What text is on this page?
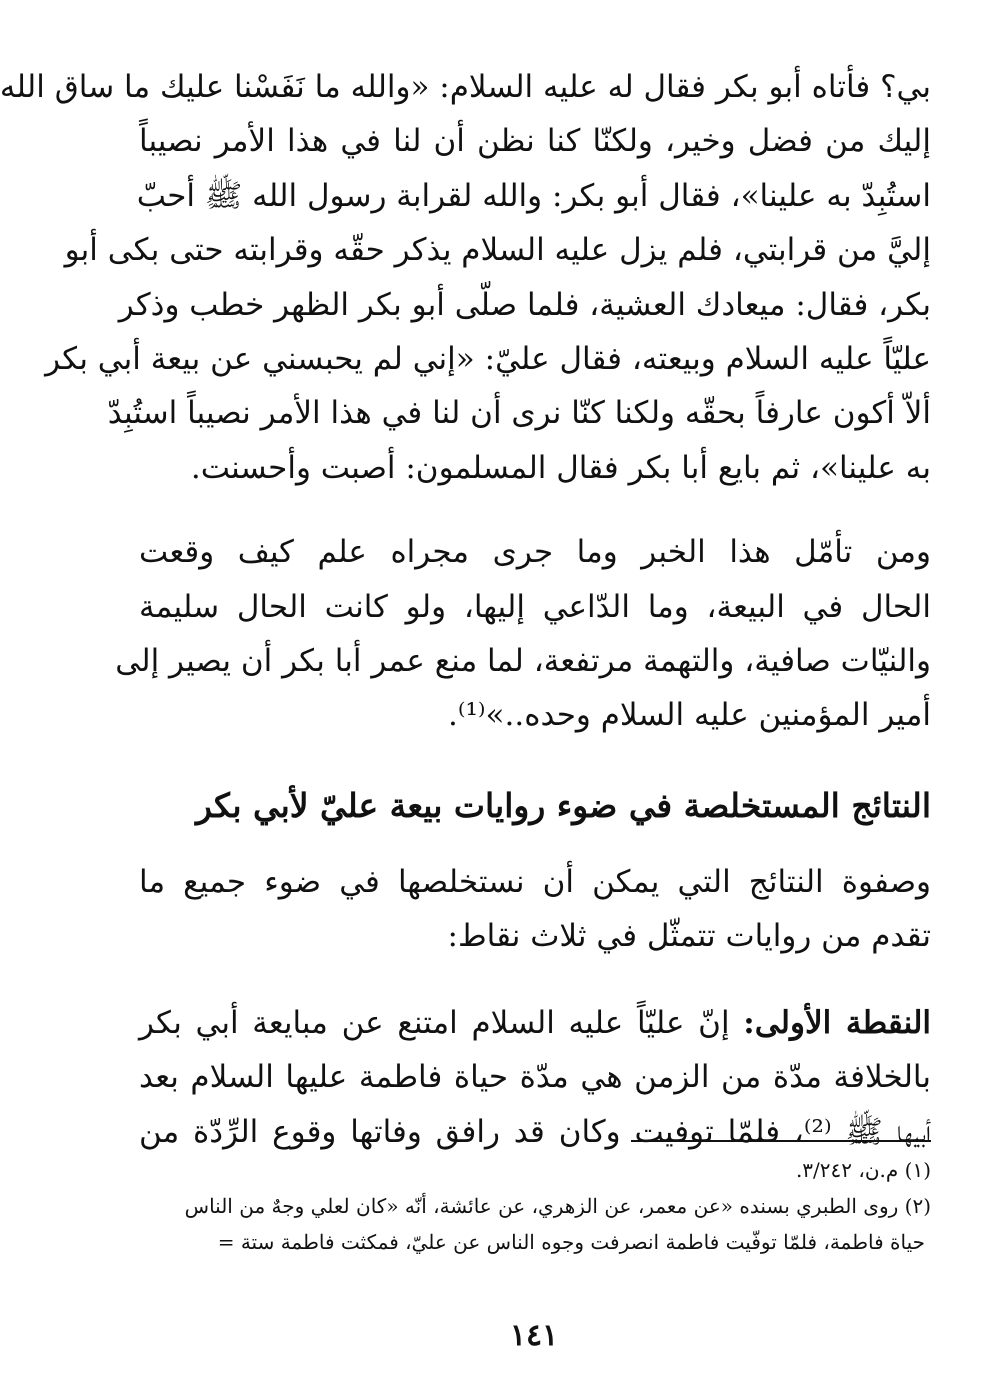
بي؟ فأتاه أبو بكر فقال له عليه السلام: «والله ما نَفَسْنا عليك ما ساق الله
إليك من فضل وخير، ولكنّا كنا نظن أن لنا في هذا الأمر نصيباً
استُبِدّ به علينا»، فقال أبو بكر: والله لقرابة رسول الله ﷺ أحبّ
إليَّ من قرابتي، فلم يزل عليه السلام يذكر حقّه وقرابته حتى بكى أبو
بكر، فقال: ميعادك العشية، فلما صلّى أبو بكر الظهر خطب وذكر
عليّاً عليه السلام وبيعته، فقال عليّ: «إني لم يحبسني عن بيعة أبي بكر
ألاّ أكون عارفاً بحقّه ولكنا كنّا نرى أن لنا في هذا الأمر نصيباً استُبِدّ
به علينا»، ثم بايع أبا بكر فقال المسلمون: أصبت وأحسنت.
ومن تأمّل هذا الخبر وما جرى مجراه علم كيف وقعت
الحال في البيعة، وما الدّاعي إليها، ولو كانت الحال سليمة
والنيّات صافية، والتهمة مرتفعة، لما منع عمر أبا بكر أن يصير إلى
أمير المؤمنين عليه السلام وحده..»⁽¹⁾.
النتائج المستخلصة في ضوء روايات بيعة عليّ لأبي بكر
وصفوة النتائج التي يمكن أن نستخلصها في ضوء جميع ما
تقدم من روايات تتمثّل في ثلاث نقاط:
النقطة الأولى: إنّ عليّاً عليه السلام امتنع عن مبايعة أبي بكر
بالخلافة مدّة من الزمن هي مدّة حياة فاطمة عليها السلام بعد
أبيها ﷺ ⁽²⁾، فلمّا توفيت وكان قد رافق وفاتها وقوع الرِّدّة من
(١) م.ن، ٣/٢٤٢.
(٢) روى الطبري بسنده «عن معمر، عن الزهري، عن عائشة، أنّه «كان لعلي وجهٌ من الناس
حياة فاطمة، فلمّا توفّيت فاطمة انصرفت وجوه الناس عن عليّ، فمكثت فاطمة ستة =
١٤١
